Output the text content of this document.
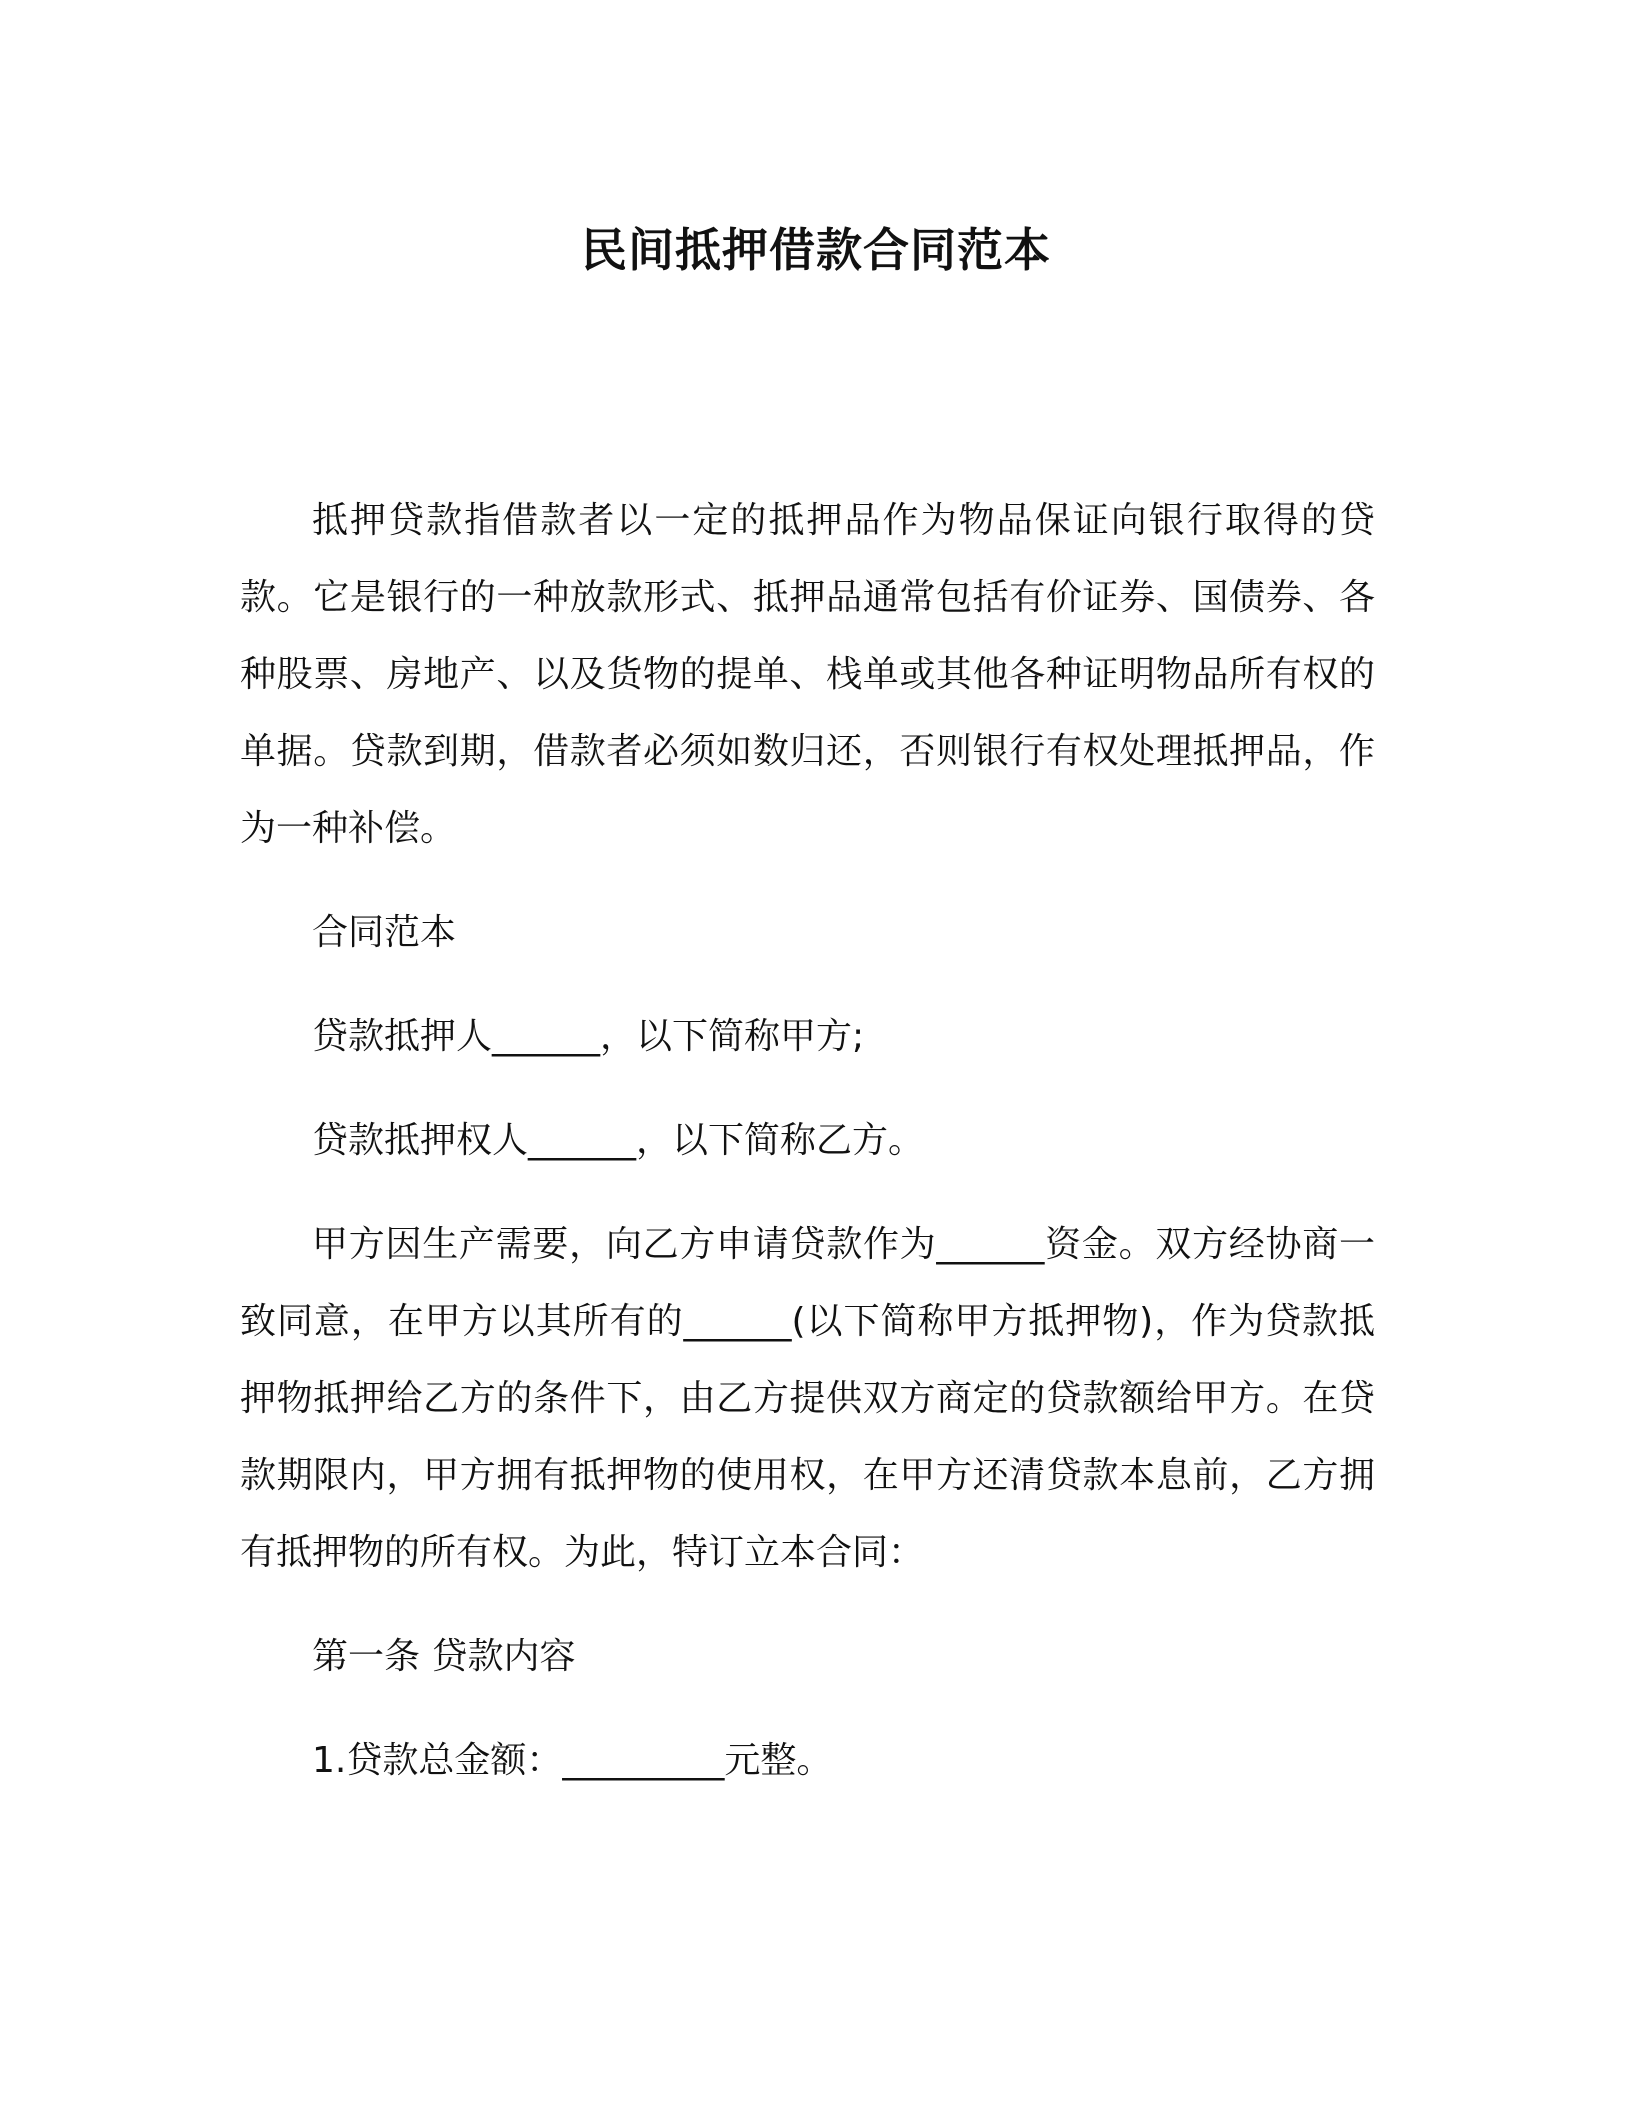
民间抵押借款合同范本

抵押贷款指借款者以一定的抵押品作为物品保证向银行取得的贷款。它是银行的一种放款形式、抵押品通常包括有价证券、国债券、各种股票、房地产、以及货物的提单、栈单或其他各种证明物品所有权的单据。贷款到期，借款者必须如数归还，否则银行有权处理抵押品，作为一种补偿。

合同范本

贷款抵押人______，以下简称甲方;

贷款抵押权人______，以下简称乙方。

甲方因生产需要，向乙方申请贷款作为______资金。双方经协商一致同意，在甲方以其所有的______(以下简称甲方抵押物)，作为贷款抵押物抵押给乙方的条件下，由乙方提供双方商定的贷款额给甲方。在贷款期限内，甲方拥有抵押物的使用权，在甲方还清贷款本息前，乙方拥有抵押物的所有权。为此，特订立本合同：

第一条 贷款内容

1.贷款总金额：_________元整。
